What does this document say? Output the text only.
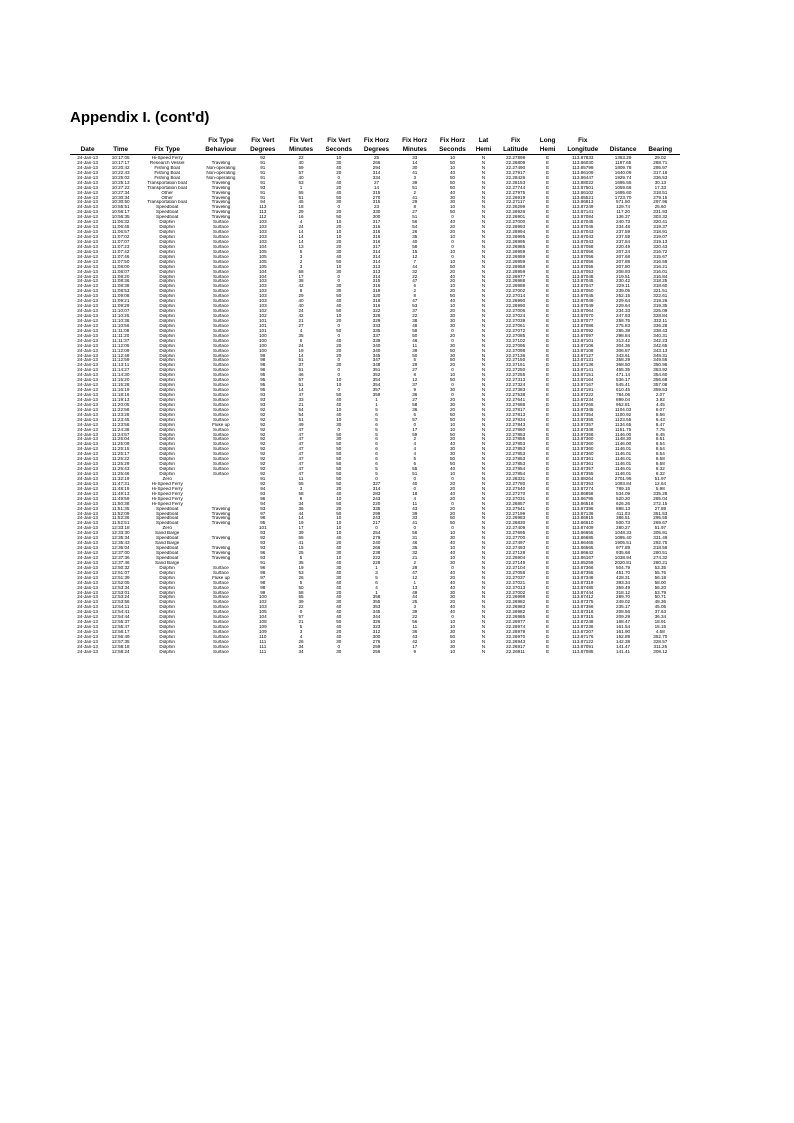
Appendix I. (cont'd)
			Fix Type	Fix Vert	Fix Vert	Fix Vert	Fix Horz	Fix Horz	Fix Horz	Lat	Fix	Long	Fix		
Date	Time	Fix Type	Behaviour	Degrees	Minutes	Seconds	Degrees	Minutes	Seconds	Hemi	Latitude	Hemi	Longitude	Distance	Bearing
24-Jan-13	10:17:05	Hi-Speed Ferry		92	22	10	25	33	10	N	22.27898	E	113.87833	1353.29	29.02
24-Jan-13	10:17:17	Research Vessel	Traveling	91	40	30	266	14	50	N	22.26809	E	113.86030	1197.65	288.71
24-Jan-13	10:20:42	Fishing Boat	Non-operating	91	59	40	294	30	10	N	22.27490	E	113.85799	1809.78	295.97
24-Jan-13	10:22:43	Fishing Boat	Non-operating	91	57	20	314	41	40	N	22.27917	E	113.86109	1640.09	317.16
24-Jan-13	10:25:02	Fishing Boat	Non-operating	91	40	0	334	3	50	N	22.28426	E	113.86447	1929.74	336.53
24-Jan-13	10:25:13	Transportation boat	Traveling	91	53	40	27	39	50	N	22.28153	E	113.88022	1695.55	30.13
24-Jan-13	10:27:22	Transportation boat	Traveling	93	1	20	14	51	50	N	22.27744	E	113.87501	1059.66	17.33
24-Jan-13	10:27:34	Other	Traveling	91	55	40	315	2	40	N	22.27975	E	113.86102	1695.60	318.51
24-Jan-13	10:30:34	Other	Traveling	91	51	50	270	41	30	N	22.26919	E	113.85521	1723.70	279.15
24-Jan-13	10:30:50	Transportation boat	Traveling	94	45	30	315	29	30	N	22.27117	E	113.86813	571.50	297.96
24-Jan-13	10:55:51	Speedboat	Traveling	113	18	0	23	8	10	N	22.26299	E	113.87249	129.74	25.60
24-Jan-13	10:56:17	Speedboat	Traveling	113	29	20	330	27	50	N	22.26926	E	113.87141	117.20	331.93
24-Jan-13	10:56:35	Speedboat	Traveling	112	16	50	300	51	0	N	22.26901	E	113.87084	136.37	303.32
24-Jan-13	11:06:32	Dolphin	Surface	103	4	10	317	56	40	N	22.27000	E	113.87045	240.73	320.41
24-Jan-13	11:06:45	Dolphin	Surface	103	24	20	316	54	20	N	22.26993	E	113.87045	234.48	319.37
24-Jan-13	11:06:57	Dolphin	Surface	103	14	10	316	26	20	N	22.26994	E	113.87043	237.59	318.91
24-Jan-13	11:07:02	Dolphin	Surface	103	14	10	316	35	10	N	22.26995	E	113.87043	237.59	319.07
24-Jan-13	11:07:07	Dolphin	Surface	103	14	20	316	40	0	N	22.26995	E	113.87043	237.54	319.13
24-Jan-13	11:07:23	Dolphin	Surface	104	13	20	317	58	0	N	22.26985	E	113.87058	220.49	320.43
24-Jan-13	11:07:42	Dolphin	Surface	105	5	30	314	15	10	N	22.26959	E	113.87056	207.24	316.72
24-Jan-13	11:07:46	Dolphin	Surface	105	3	40	314	12	0	N	22.26959	E	113.87056	207.68	315.67
24-Jan-13	11:07:50	Dolphin	Surface	105	2	50	314	7	10	N	22.26959	E	113.87056	207.88	316.59
24-Jan-13	11:08:00	Dolphin	Surface	105	3	10	313	44	50	N	22.26958	E	113.87055	207.80	316.21
24-Jan-13	11:08:07	Dolphin	Surface	104	58	30	313	32	20	N	22.26959	E	113.87053	208.93	316.01
24-Jan-13	11:08:20	Dolphin	Surface	104	17	0	314	22	40	N	22.26977	E	113.87048	219.51	316.84
24-Jan-13	11:08:36	Dolphin	Surface	103	38	0	315	47	20	N	22.26988	E	113.87045	230.42	318.25
24-Jan-13	11:08:38	Dolphin	Surface	103	42	30	316	6	10	N	22.26988	E	113.87047	229.11	318.60
24-Jan-13	11:08:53	Dolphin	Surface	103	9	30	319	2	20	N	22.27002	E	113.87050	239.05	321.51
24-Jan-13	11:09:08	Dolphin	Surface	103	29	50	320	8	50	N	22.27014	E	113.87045	252.15	322.61
24-Jan-13	11:09:21	Dolphin	Surface	103	40	40	316	47	40	N	22.26990	E	113.87049	229.64	319.26
24-Jan-13	11:09:29	Dolphin	Surface	103	40	40	316	53	10	N	22.26990	E	113.87049	229.64	319.35
24-Jan-13	11:10:07	Dolphin	Surface	102	24	50	322	37	20	N	22.27006	E	113.87064	234.33	325.09
24-Jan-13	11:10:25	Dolphin	Surface	102	42	10	326	22	30	N	22.27024	E	113.87070	247.93	328.84
24-Jan-13	11:10:38	Dolphin	Surface	101	21	20	329	38	30	N	22.27039	E	113.87077	258.75	332.11
24-Jan-13	11:10:56	Dolphin	Surface	101	27	0	333	48	30	N	22.27061	E	113.87086	275.83	336.28
24-Jan-13	11:11:08	Dolphin	Surface	101	4	50	335	58	0	N	22.27072	E	113.87092	285.38	338.43
24-Jan-13	11:11:20	Dolphin	Surface	100	35	0	337	50	20	N	22.27085	E	113.87097	298.84	340.31
24-Jan-13	11:11:37	Dolphin	Surface	100	6	40	339	46	0	N	22.27102	E	113.87101	313.42	342.23
24-Jan-13	11:12:05	Dolphin	Surface	100	24	20	340	11	30	N	22.27095	E	113.87106	304.36	342.65
24-Jan-13	11:12:09	Dolphin	Surface	100	19	20	340	39	50	N	22.27098	E	113.87108	306.87	343.13
24-Jan-13	11:12:48	Dolphin	Surface	99	14	20	345	50	30	N	22.27136	E	113.87127	343.61	348.31
24-Jan-13	11:12:59	Dolphin	Surface	98	51	0	347	5	50	N	22.27150	E	113.87131	358.29	349.56
24-Jan-13	11:13:11	Dolphin	Surface	98	37	30	348	29	20	N	22.27161	E	113.87136	368.50	350.96
24-Jan-13	11:14:27	Dolphin	Surface	96	51	0	351	27	0	N	22.27250	E	113.87141	455.35	353.92
24-Jan-13	11:14:30	Dolphin	Surface	95	46	0	352	8	10	N	22.27255	E	113.87151	471.14	354.60
24-Jan-13	11:15:20	Dolphin	Surface	95	57	10	354	12	50	N	22.27313	E	113.87164	536.17	356.68
24-Jan-13	11:15:28	Dolphin	Surface	95	51	10	354	37	0	N	22.27324	E	113.87167	545.41	357.08
24-Jan-13	11:16:19	Dolphin	Surface	95	14	0	357	9	30	N	22.27383	E	113.87191	610.45	359.53
24-Jan-13	11:18:16	Dolphin	Surface	93	47	50	359	36	0	N	22.27538	E	113.87222	784.06	2.07
24-Jan-13	11:19:13	Dolphin	Surface	93	33	40	1	27	20	N	22.27641	E	113.87234	899.04	3.92
24-Jan-13	11:20:05	Dolphin	Surface	93	21	40	1	58	30	N	22.27688	E	113.87265	952.81	4.45
24-Jan-13	11:22:58	Dolphin	Surface	92	54	10	5	36	20	N	22.27817	E	113.87345	1104.03	8.07
24-Jan-13	11:23:28	Dolphin	Surface	92	54	40	6	5	50	N	22.27813	E	113.87354	1100.92	8.56
24-Jan-13	11:23:45	Dolphin	Surface	92	51	10	5	57	50	N	22.27834	E	113.87355	1123.55	8.43
24-Jan-13	11:23:58	Dolphin	Fluke up	92	49	30	6	0	10	N	22.27843	E	113.87357	1134.65	8.47
24-Jan-13	11:24:38	Dolphin	Surface	92	47	0	5	17	10	N	22.27860	E	113.87348	1151.75	7.75
24-Jan-13	11:24:57	Dolphin	Surface	92	47	50	5	59	50	N	22.27853	E	113.87358	1146.00	8.45
24-Jan-13	11:25:04	Dolphin	Surface	92	47	30	6	2	20	N	22.27855	E	113.87360	1148.30	8.51
24-Jan-13	11:25:09	Dolphin	Surface	92	47	50	6	4	40	N	22.27853	E	113.87360	1146.00	8.54
24-Jan-13	11:25:15	Dolphin	Surface	92	47	50	6	4	30	N	22.27853	E	113.87360	1146.01	8.54
24-Jan-13	11:25:17	Dolphin	Surface	92	47	50	6	4	30	N	22.27853	E	113.87360	1146.01	8.54
24-Jan-13	11:25:22	Dolphin	Surface	92	47	50	6	5	50	N	22.27853	E	113.87361	1146.01	8.58
24-Jan-13	11:25:29	Dolphin	Surface	92	47	50	6	6	50	N	22.27853	E	113.87361	1146.01	8.58
24-Jan-13	11:25:43	Dolphin	Surface	92	47	50	5	55	40	N	22.27854	E	113.87357	1146.01	8.32
24-Jan-13	11:25:46	Dolphin	Surface	92	47	50	5	51	10	N	22.27854	E	113.87355	1146.01	8.32
24-Jan-13	11:32:19	Zero		91	11	50	0	0	0	N	22.28331	E	113.88264	2701.95	51.97
24-Jan-13	11:47:31	Hi-Speed Ferry		92	55	50	327	40	20	N	22.27780	E	113.87353	1093.84	12.64
24-Jan-13	11:48:19	Hi-Speed Ferry		94	3	20	314	0	20	N	22.27540	E	113.87274	789.15	5.98
24-Jan-13	11:49:13	Hi-Speed Ferry		93	58	40	283	18	40	N	22.27270	E	113.86858	534.09	335.28
24-Jan-13	11:49:59	Hi-Speed Ferry		96	8	10	243	4	20	N	22.27031	E	113.86795	520.20	285.04
24-Jan-13	11:50:38	Hi-Speed Ferry		94	34	50	220	11	0	N	22.26857	E	113.86516	626.26	272.15
24-Jan-13	11:51:35	Speedboat	Traveling	93	36	20	335	43	20	N	22.27541	E	113.87396	888.13	27.89
24-Jan-13	11:52:09	Speedboat	Traveling	97	44	50	299	39	20	N	22.27199	E	113.87136	411.03	351.53
24-Jan-13	11:52:36	Speedboat	Traveling	98	14	10	243	33	50	N	22.26983	E	113.86915	386.51	295.55
24-Jan-13	11:52:51	Speedboat	Traveling	95	19	10	217	41	50	N	22.26830	E	113.86610	500.73	269.67
24-Jan-13	12:33:18	Zero		101	17	10	0	0	0	N	22.27409	E	113.87409	280.27	51.97
24-Jan-13	12:33:30	Sand Barge		93	39	10	254	56	10	N	22.27695	E	113.86655	1048.33	305.91
24-Jan-13	12:35:34	Speedboat	Traveling	92	55	40	279	31	30	N	22.27700	E	113.86685	1095.40	331.49
24-Jan-13	12:35:43	Sand Barge		93	41	20	240	46	40	N	22.27497	E	113.86465	1905.51	292.75
24-Jan-13	12:36:04	Speedboat	Traveling	93	15	40	266	35	10	N	22.27493	E	113.86565	977.89	318.56
24-Jan-13	12:37:00	Speedboat	Traveling	96	25	30	238	32	40	N	22.27128	E	113.86642	935.68	280.51
24-Jan-13	12:37:36	Speedboat	Traveling	93	5	10	222	21	10	N	22.26904	E	113.86167	1038.94	274.32
24-Jan-13	12:37:46	Sand Barge		91	35	40	228	2	30	N	22.27149	E	113.85259	2020.81	280.21
24-Jan-13	12:50:32	Dolphin	Surface	96	19	30	1	29	0	N	22.27104	E	113.87366	504.79	53.35
24-Jan-13	12:51:07	Dolphin	Surface	96	53	40	3	47	40	N	22.27058	E	113.87355	451.70	55.76
24-Jan-13	12:51:39	Dolphin	Fluke up	97	26	30	5	12	20	N	22.27037	E	113.87348	428.31	56.18
24-Jan-13	12:52:05	Dolphin	Surface	98	5	40	6	1	40	N	22.27021	E	113.87319	393.34	58.00
24-Jan-13	12:53:34	Dolphin	Surface	98	50	40	4	13	40	N	22.27013	E	113.87485	359.49	56.20
24-Jan-13	12:53:01	Dolphin	Surface	99	58	20	1	49	30	N	22.27002	E	113.87444	318.12	53.79
24-Jan-13	12:53:24	Dolphin	Surface	100	55	40	358	44	30	N	22.26998	E	113.87412	289.70	50.71
24-Jan-13	12:53:56	Dolphin	Surface	102	39	30	355	25	20	N	22.26982	E	113.87375	249.02	48.36
24-Jan-13	12:54:11	Dolphin	Surface	103	22	40	353	3	40	N	22.26983	E	113.87356	235.17	45.05
24-Jan-13	12:54:41	Dolphin	Surface	105	0	40	345	39	40	N	22.26982	E	113.87318	208.56	37.63
24-Jan-13	12:54:44	Dolphin	Surface	104	57	40	344	22	0	N	22.26985	E	113.87315	209.29	36.34
24-Jan-13	12:55:37	Dolphin	Surface	108	21	50	326	56	10	N	22.26977	E	113.87248	168.47	18.91
24-Jan-13	12:55:47	Dolphin	Surface	109	5	40	323	11	10	N	22.26974	E	113.87236	161.54	15.15
24-Jan-13	12:56:17	Dolphin	Surface	109	3	20	312	36	30	N	22.26979	E	113.87207	161.90	4.58
24-Jan-13	12:56:49	Dolphin	Surface	110	4	40	300	43	50	N	22.26970	E	113.87176	152.89	352.70
24-Jan-13	12:57:35	Dolphin	Surface	111	26	30	276	42	10	N	22.26943	E	113.87122	142.38	328.57
24-Jan-13	12:58:18	Dolphin	Surface	111	34	0	259	17	30	N	22.26917	E	113.87091	141.47	311.25
24-Jan-13	12:58:24	Dolphin	Surface	111	34	30	256	9	10	N	22.26911	E	113.87085	141.41	308.12
